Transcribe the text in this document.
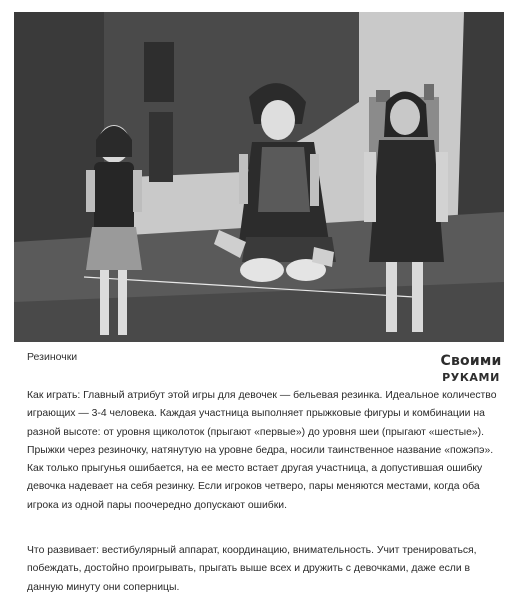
Резиночки	Своими
РУКАМИ

Как играть: Главный атрибут этой игры для девочек — бельевая резинка. Идеальное количество играющих — 3-4 человека. Каждая участница выполняет прыжковые фигуры и комбинации на разной высоте: от уровня щиколоток (прыгают «первые») до уровня шеи (прыгают «шестые»). Прыжки через резиночку, натянутую на уровне бедра, носили таинственное название «пожэпэ». Как только прыгунья ошибается, на ее место встает другая участница, а допустившая ошибку девочка надевает на себя резинку. Если игроков четверо, пары меняются местами, когда оба игрока из одной пары поочередно допускают ошибки.

Что развивает: вестибулярный аппарат, координацию, внимательность. Учит тренироваться, побеждать, достойно проигрывать, прыгать выше всех и дружить с девочками, даже если в данную минуту они соперницы.
